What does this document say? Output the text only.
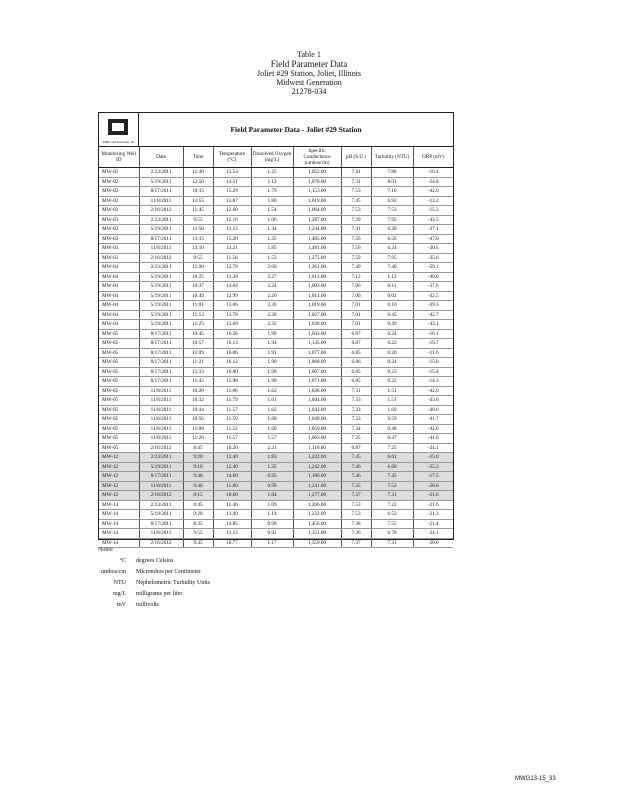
Table 1
Field Parameter Data
Joliet #29 Station, Joliet, Illinois
Midwest Generation
21278-034
KPRG and Associates, Inc.
Field Parameter Data - Joliet #29 Station
Monitoring Well ID	Date	Time	Temperature (°C)	Dissolved Oxygen (mg/L)	Specific Conductance (umhos/cm)	pH (S.U.)	Turbidity (NTU)	ORP (mV)
MW-02	2/23/2011	11:40	13.54	1.25	1,052.00	7.41	7.86	-10.4
MW-02	5/19/2011	12:50	13.51	1.12	1,078.00	7.31	8.01	-24.8
MW-02	8/17/2011	10:15	15.29	1.79	1,153.00	7.53	7.10	-42.0
MW-02	11/8/2011	11:55	13.87	1.80	1,019.00	7.45	6.92	-13.2
MW-02	2/16/2012	11:45	12.60	1.54	1,064.00	7.53	7.53	-15.3
MW-03	2/23/2011	9:55	12.16	1.06	1,287.00	7.39	7.95	-43.5
MW-03	5/19/2011	12:50	13.15	1.34	1,244.00	7.41	6.30	-37.1
MW-03	8/17/2011	13:15	15.20	1.35	1,485.00	7.56	6.56	-47.0
MW-03	11/8/2011	13:10	13.21	1.85	1,481.00	7.56	6.24	-30.5
MW-03	2/16/2012	9:55	11.56	1.53	1,275.00	7.59	7.95	-35.6
MW-04	2/23/2011	11:00	12.78	2.00	1,261.00	7.49	7.40	-59.1
MW-04	5/19/2011	10:25	13.28	2.27	1,012.00	7.12	1.12	-40.0
MW-04	5/19/2011	10:37	13.04	2.24	1,003.00	7.06	0.11	-37.6
MW-04	5/19/2011	10:49	12.99	2.20	1,014.00	7.06	0.02	-42.5
MW-04	5/19/2011	11:01	13.06	2.30	1,019.00	7.01	0.10	-39.3
MW-04	5/19/2011	11:13	13.78	2.28	1,027.00	7.01	0.45	-42.7
MW-04	5/19/2011	11:25	13.68	2.35	1,030.00	7.01	0.49	-43.1
MW-05	8/17/2011	10:45	16.26	1.99	1,043.00	6.87	0.24	-16.1
MW-05	8/17/2011	10:57	16.13	1.94	1,145.00	6.87	0.22	-19.7
MW-05	8/17/2011	11:09	16.06	1.91	1,077.00	6.85	0.20	-11.6
MW-05	8/17/2011	11:21	16.12	1.90	1,068.00	6.86	0.24	-15.0
MW-05	8/17/2011	11:33	16.00	1.90	1,067.00	6.85	0.23	-15.4
MW-05	8/17/2011	11:45	15.98	1.90	1,071.00	6.85	0.22	-14.3
MW-05	11/8/2011	10:20	11.86	1.62	1,036.00	7.31	1.51	-42.0
MW-05	11/8/2011	10:32	11.79	1.61	1,044.00	7.33	1.51	-43.0
MW-05	11/8/2011	10:44	11.57	1.62	1,042.00	7.33	1.69	-40.0
MW-05	11/8/2011	10:56	11.59	1.68	1,049.00	7.33	0.59	-41.7
MW-05	11/8/2011	11:08	11.52	1.60	1,059.00	7.34	0.48	-42.0
MW-05	11/8/2011	11:20	11.57	1.57	1,063.00	7.35	0.47	-41.0
MW-05	2/16/2012	8:45	10.20	2.21	1,116.00	6.87	7.25	-24.1
MW-12	2/23/2011	9:20	12.40	1.83	1,222.00	7.45	6.61	-15.6
MW-12	5/19/2011	9:10	12.40	1.35	1,242.00	7.46	6.60	-25.3
MW-12	8/17/2011	9:40	14.60	0.95	1,186.00	7.46	7.45	-17.5
MW-12	11/8/2011	9:40	11.80	0.99	1,241.00	7.35	7.52	-28.6
MW-12	2/16/2012	8:15	10.60	1.04	1,277.00	7.37	7.31	-21.6
MW-14	2/23/2011	8:45	11.40	1.09	1,206.00	7.53	7.22	-21.6
MW-14	5/19/2011	9:20	13.40	1.14	1,232.00	7.53	6.52	-21.3
MW-14	8/17/2011	8:35	14.85	0.90	1,456.00	7.38	7.55	-21.4
MW-14	11/8/2011	9:55	13.15	0.92	1,351.00	7.36	6.78	-24.1
MW-14	2/16/2012	9:45	10.77	1.17	1,359.00	7.37	7.31	-20.6
Notes:
°C	degrees Celsius
umhos/cm	Micromhos per Centimeter
NTU	Nephelometric Turbidity Units
mg/L	milligrams per liter
mV	millivolts
MWG13-15_33
